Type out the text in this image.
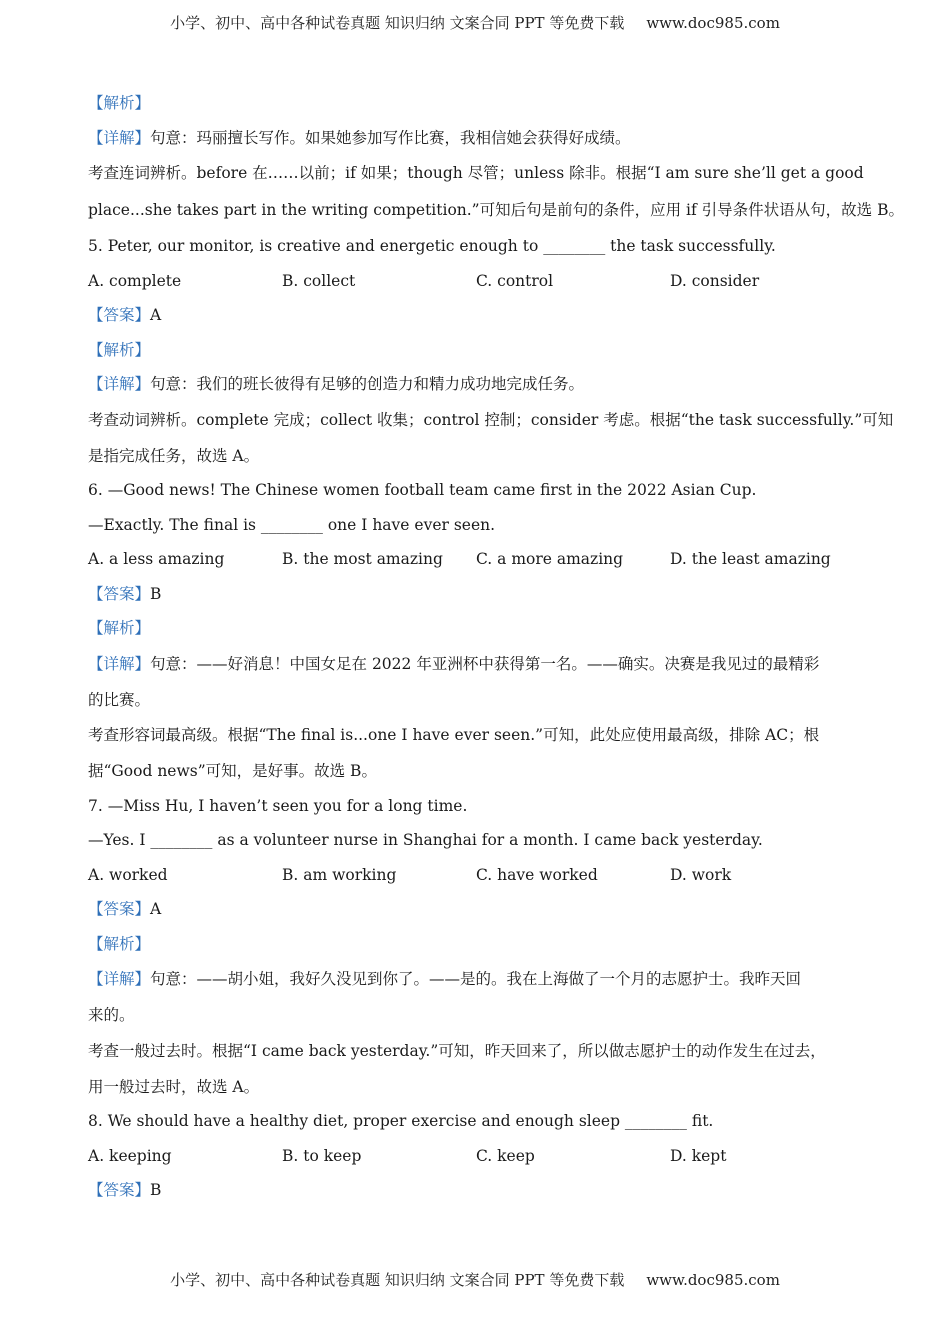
小学、初中、高中各种试卷真题 知识归纳 文案合同 PPT 等免费下载 www.doc985.com
【解析】
【详解】句意：玛丽擅长写作。如果她参加写作比赛，我相信她会获得好成绩。
考查连词辨析。before 在……以前；if 如果；though 尽管；unless 除非。根据“I am sure she’ll get a good
place...she takes part in the writing competition.”可知后句是前句的条件，应用 if 引导条件状语从句，故选 B。
5. Peter, our monitor, is creative and energetic enough to ________ the task successfully.
A. complete	B. collect	C. control	D. consider
【答案】A
【解析】
【详解】句意：我们的班长彼得有足够的创造力和精力成功地完成任务。
考查动词辨析。complete 完成；collect 收集；control 控制；consider 考虑。根据“the task successfully.”可知
是指完成任务，故选 A。
6. —Good news! The Chinese women football team came first in the 2022 Asian Cup.
—Exactly. The final is ________ one I have ever seen.
A. a less amazing	B. the most amazing	C. a more amazing	D. the least amazing
【答案】B
【解析】
【详解】句意：——好消息！中国女足在 2022 年亚洲杯中获得第一名。——确实。决赛是我见过的最精彩
的比赛。
考查形容词最高级。根据“The final is...one I have ever seen.”可知，此处应使用最高级，排除 AC；根
据“Good news”可知，是好事。故选 B。
7. —Miss Hu, I haven’t seen you for a long time.
—Yes. I ________ as a volunteer nurse in Shanghai for a month. I came back yesterday.
A. worked	B. am working	C. have worked	D. work
【答案】A
【解析】
【详解】句意：——胡小姐，我好久没见到你了。——是的。我在上海做了一个月的志愿护士。我昨天回
来的。
考查一般过去时。根据“I came back yesterday.”可知，昨天回来了，所以做志愿护士的动作发生在过去，
用一般过去时，故选 A。
8. We should have a healthy diet, proper exercise and enough sleep ________ fit.
A. keeping	B. to keep	C. keep	D. kept
【答案】B
小学、初中、高中各种试卷真题 知识归纳 文案合同 PPT 等免费下载 www.doc985.com
